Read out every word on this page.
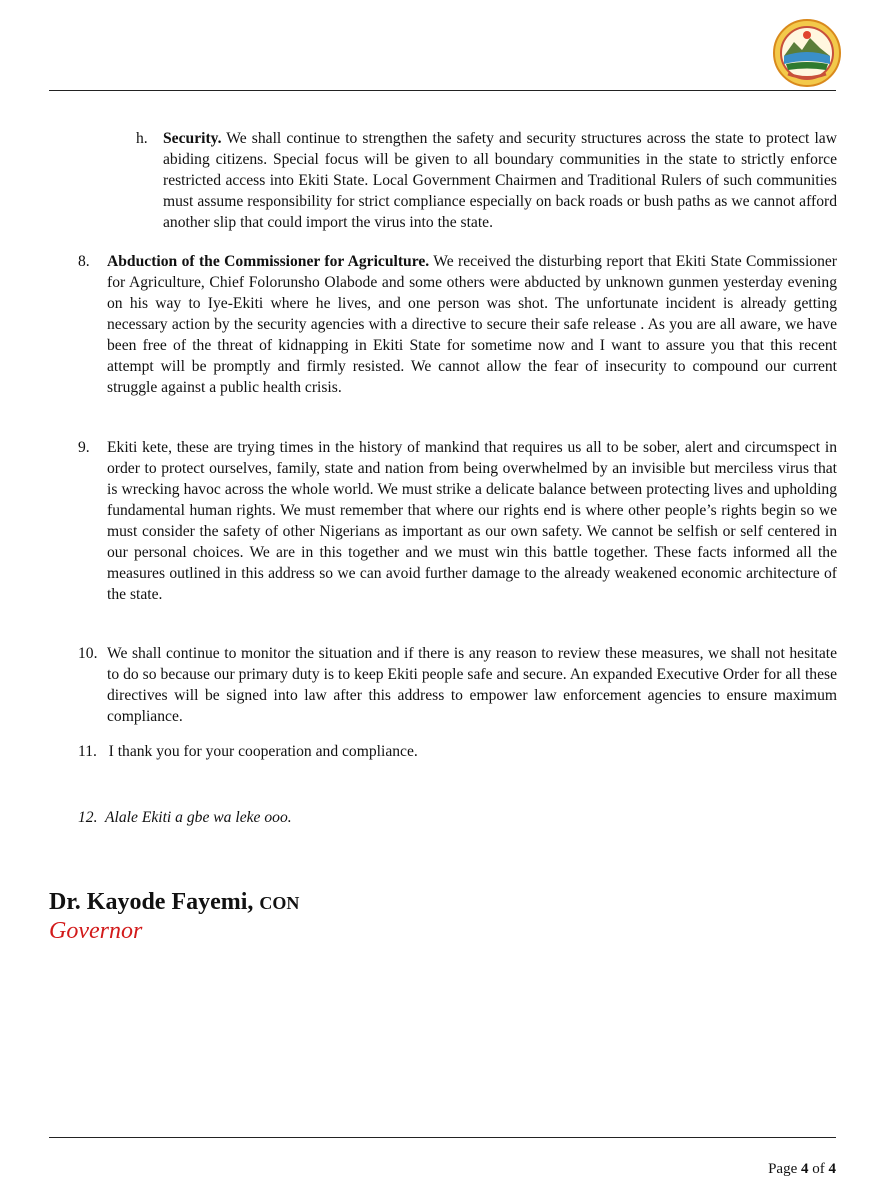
h. Security. We shall continue to strengthen the safety and security structures across the state to protect law abiding citizens. Special focus will be given to all boundary communities in the state to strictly enforce restricted access into Ekiti State. Local Government Chairmen and Traditional Rulers of such communities must assume responsibility for strict compliance especially on back roads or bush paths as we cannot afford another slip that could import the virus into the state.
8. Abduction of the Commissioner for Agriculture. We received the disturbing report that Ekiti State Commissioner for Agriculture, Chief Folorunsho Olabode and some others were abducted by unknown gunmen yesterday evening on his way to Iye-Ekiti where he lives, and one person was shot. The unfortunate incident is already getting necessary action by the security agencies with a directive to secure their safe release . As you are all aware, we have been free of the threat of kidnapping in Ekiti State for sometime now and I want to assure you that this recent attempt will be promptly and firmly resisted. We cannot allow the fear of insecurity to compound our current struggle against a public health crisis.
9. Ekiti kete, these are trying times in the history of mankind that requires us all to be sober, alert and circumspect in order to protect ourselves, family, state and nation from being overwhelmed by an invisible but merciless virus that is wrecking havoc across the whole world. We must strike a delicate balance between protecting lives and upholding fundamental human rights. We must remember that where our rights end is where other people’s rights begin so we must consider the safety of other Nigerians as important as our own safety. We cannot be selfish or self centered in our personal choices. We are in this together and we must win this battle together. These facts informed all the measures outlined in this address so we can avoid further damage to the already weakened economic architecture of the state.
10. We shall continue to monitor the situation and if there is any reason to review these measures, we shall not hesitate to do so because our primary duty is to keep Ekiti people safe and secure. An expanded Executive Order for all these directives will be signed into law after this address to empower law enforcement agencies to ensure maximum compliance.
11.   I thank you for your cooperation and compliance.
12.  Alale Ekiti a gbe wa leke ooo.
Dr. Kayode Fayemi, CON
Governor
Page 4 of 4
